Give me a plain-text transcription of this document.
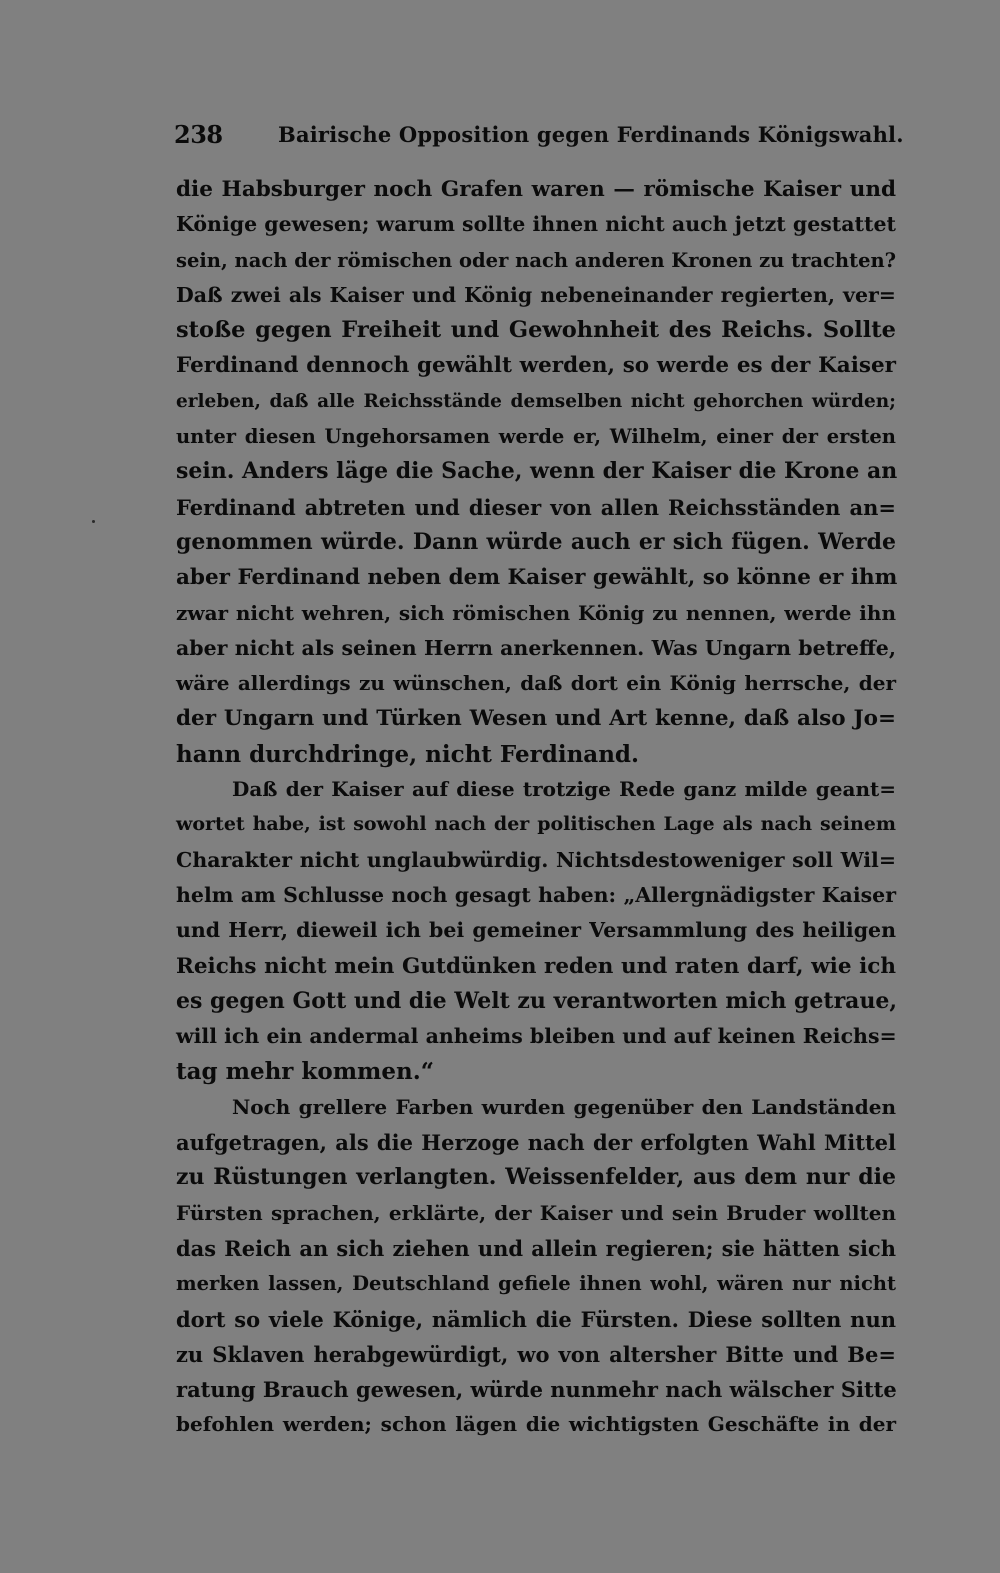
238	Bairische Opposition gegen Ferdinands Königswahl.
die Habsburger noch Grafen waren — römische Kaiser und
Könige gewesen; warum sollte ihnen nicht auch jetzt gestattet
sein, nach der römischen oder nach anderen Kronen zu trachten?
Daß zwei als Kaiser und König nebeneinander regierten, ver=
stoße gegen Freiheit und Gewohnheit des Reichs. Sollte
Ferdinand dennoch gewählt werden, so werde es der Kaiser
erleben, daß alle Reichsstände demselben nicht gehorchen würden;
unter diesen Ungehorsamen werde er, Wilhelm, einer der ersten
sein. Anders läge die Sache, wenn der Kaiser die Krone an
Ferdinand abtreten und dieser von allen Reichsständen an=
genommen würde. Dann würde auch er sich fügen. Werde
aber Ferdinand neben dem Kaiser gewählt, so könne er ihm
zwar nicht wehren, sich römischen König zu nennen, werde ihn
aber nicht als seinen Herrn anerkennen. Was Ungarn betreffe,
wäre allerdings zu wünschen, daß dort ein König herrsche, der
der Ungarn und Türken Wesen und Art kenne, daß also Jo=
hann durchdringe, nicht Ferdinand.
Daß der Kaiser auf diese trotzige Rede ganz milde geant=
wortet habe, ist sowohl nach der politischen Lage als nach seinem
Charakter nicht unglaubwürdig. Nichtsdestoweniger soll Wil=
helm am Schlusse noch gesagt haben: „Allergnädigster Kaiser
und Herr, dieweil ich bei gemeiner Versammlung des heiligen
Reichs nicht mein Gutdünken reden und raten darf, wie ich
es gegen Gott und die Welt zu verantworten mich getraue,
will ich ein andermal anheims bleiben und auf keinen Reichs=
tag mehr kommen.“
Noch grellere Farben wurden gegenüber den Landständen
aufgetragen, als die Herzoge nach der erfolgten Wahl Mittel
zu Rüstungen verlangten. Weissenfelder, aus dem nur die
Fürsten sprachen, erklärte, der Kaiser und sein Bruder wollten
das Reich an sich ziehen und allein regieren; sie hätten sich
merken lassen, Deutschland gefiele ihnen wohl, wären nur nicht
dort so viele Könige, nämlich die Fürsten. Diese sollten nun
zu Sklaven herabgewürdigt, wo von altersher Bitte und Be=
ratung Brauch gewesen, würde nunmehr nach wälscher Sitte
befohlen werden; schon lägen die wichtigsten Geschäfte in der
